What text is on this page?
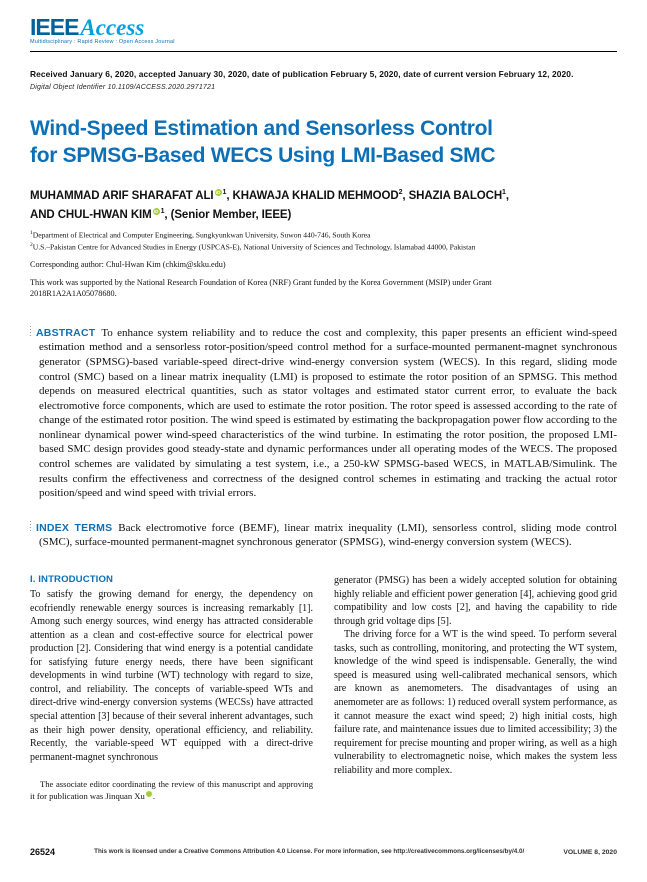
IEEEAccess
Multidisciplinary : Rapid Review : Open Access Journal
Received January 6, 2020, accepted January 30, 2020, date of publication February 5, 2020, date of current version February 12, 2020.
Digital Object Identifier 10.1109/ACCESS.2020.2971721
Wind-Speed Estimation and Sensorless Control
for SPMSG-Based WECS Using LMI-Based SMC
MUHAMMAD ARIF SHARAFAT ALI iD $^1$, KHAWAJA KHALID MEHMOOD$^2$, SHAZIA BALOCH$^1$,
AND CHUL-HWAN KIM iD $^1$, (Senior Member, IEEE)
$^1$Department of Electrical and Computer Engineering, Sungkyunkwan University, Suwon 440-746, South Korea
$^2$U.S.–Pakistan Centre for Advanced Studies in Energy (USPCAS-E), National University of Sciences and Technology, Islamabad 44000, Pakistan
Corresponding author: Chul-Hwan Kim (chkim@skku.edu)
This work was supported by the National Research Foundation of Korea (NRF) Grant funded by the Korea Government (MSIP) under Grant 2018R1A2A1A05078680.

ABSTRACT To enhance system reliability and to reduce the cost and complexity, this paper presents an efficient wind-speed estimation method and a sensorless rotor-position/speed control method for a surface-mounted permanent-magnet synchronous generator (SPMSG)-based variable-speed direct-drive wind-energy conversion system (WECS). In this regard, sliding mode control (SMC) based on a linear matrix inequality (LMI) is proposed to estimate the rotor position of an SPMSG. This method depends on measured electrical quantities, such as stator voltages and estimated stator current error, to evaluate the back electromotive force components, which are used to estimate the rotor position. The rotor speed is assessed according to the rate of change of the estimated rotor position. The wind speed is estimated by estimating the backpropagation power flow according to the nonlinear dynamical power wind-speed characteristics of the wind turbine. In estimating the rotor position, the proposed LMI-based SMC design provides good steady-state and dynamic performances under all operating modes of the WECS. The proposed control schemes are validated by simulating a test system, i.e., a 250-kW SPMSG-based WECS, in MATLAB/Simulink. The results confirm the effectiveness and correctness of the designed control schemes in estimating and tracking the actual rotor position/speed and wind speed with trivial errors.

INDEX TERMS Back electromotive force (BEMF), linear matrix inequality (LMI), sensorless control, sliding mode control (SMC), surface-mounted permanent-magnet synchronous generator (SPMSG), wind-energy conversion system (WECS).

I. INTRODUCTION

To satisfy the growing demand for energy, the dependency on ecofriendly renewable energy sources is increasing remarkably [1]. Among such energy sources, wind energy has attracted considerable attention as a clean and cost-effective source for electrical power production [2]. Considering that wind energy is a potential candidate for satisfying future energy needs, there have been significant developments in wind turbine (WT) technology with regard to size, control, and reliability. The concepts of variable-speed WTs and direct-drive wind-energy conversion systems (WECSs) have attracted special attention [3] because of their several inherent advantages, such as their high power density, operational efficiency, and reliability. Recently, the variable-speed WT equipped with a direct-drive permanent-magnet synchronous

The associate editor coordinating the review of this manuscript and approving it for publication was Jinquan Xu	iD.

generator (PMSG) has been a widely accepted solution for obtaining highly reliable and efficient power generation [4], achieving good grid compatibility and low costs [2], and having the capability to ride through grid voltage dips [5].

The driving force for a WT is the wind speed. To perform several tasks, such as controlling, monitoring, and protecting the WT system, knowledge of the wind speed is indispensable. Generally, the wind speed is measured using well-calibrated mechanical sensors, which are known as anemometers. The disadvantages of using an anemometer are as follows: 1) reduced overall system performance, as it cannot measure the exact wind speed; 2) high initial costs, high failure rate, and maintenance issues due to limited accessibility; 3) the requirement for precise mounting and proper wiring, as well as a high vulnerability to electromagnetic noise, which makes the system less reliability and more complex.

26524	This work is licensed under a Creative Commons Attribution 4.0 License. For more information, see http://creativecommons.org/licenses/by/4.0/	VOLUME 8, 2020
